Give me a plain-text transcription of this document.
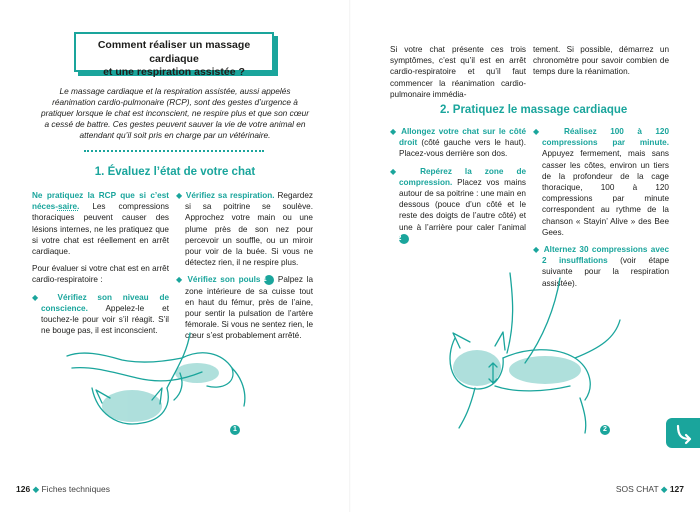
Comment réaliser un massage cardiaque
et une respiration assistée ?

Le massage cardiaque et la respiration assistée, aussi appelés réanimation cardio-pulmonaire (RCP), sont des gestes d’urgence à pratiquer lorsque le chat est inconscient, ne respire plus et que son cœur a cessé de battre. Ces gestes peuvent sauver la vie de votre animal en attendant qu’il soit pris en charge par un vétérinaire.

1. Évaluez l’état de votre chat

Ne pratiquez la RCP que si c’est néces-saire. Les compressions thoraciques peuvent causer des lésions internes, ne les pratiquez que si votre chat est réellement en arrêt cardiaque.

Pour évaluer si votre chat est en arrêt cardio-respiratoire :

◆ Vérifiez son niveau de conscience. Appelez-le et touchez-le pour voir s’il réagit. S’il ne bouge pas, il est inconscient.

◆ Vérifiez sa respiration. Regardez si sa poitrine se soulève. Approchez votre main ou une plume près de son nez pour percevoir un souffle, ou un miroir pour voir de la buée. Si vous ne détectez rien, il ne respire plus.

◆ Vérifiez son pouls 1 Palpez la zone intérieure de sa cuisse tout en haut du fémur, près de l’aine, pour sentir la pulsation de l’artère fémorale. Si vous ne sentez rien, le cœur s’est probablement arrêté.

1
126 ◆ Fiches techniques
Si votre chat présente ces trois symptômes, c’est qu’il est en arrêt cardio-respiratoire et qu’il faut commencer la réanimation cardio-pulmonaire immédia-
tement. Si possible, démarrez un chronomètre pour savoir combien de temps dure la réanimation.
2. Pratiquez le massage cardiaque

◆ Allongez votre chat sur le côté droit (côté gauche vers le haut). Placez-vous derrière son dos.

◆ Repérez la zone de compression. Placez vos mains autour de sa poitrine : une main en dessous (pouce d’un côté et le reste des doigts de l’autre côté) et une à l’arrière pour caler l’animal 2

◆ Réalisez 100 à 120 compressions par minute. Appuyez fermement, mais sans casser les côtes, environ un tiers de la profondeur de la cage thoracique, 100 à 120 compressions par minute correspondent au rythme de la chanson « Stayin’ Alive » des Bee Gees.

◆ Alternez 30 compressions avec 2 insufflations (voir étape suivante pour la respiration assistée).

2
SOS CHAT ◆ 127
